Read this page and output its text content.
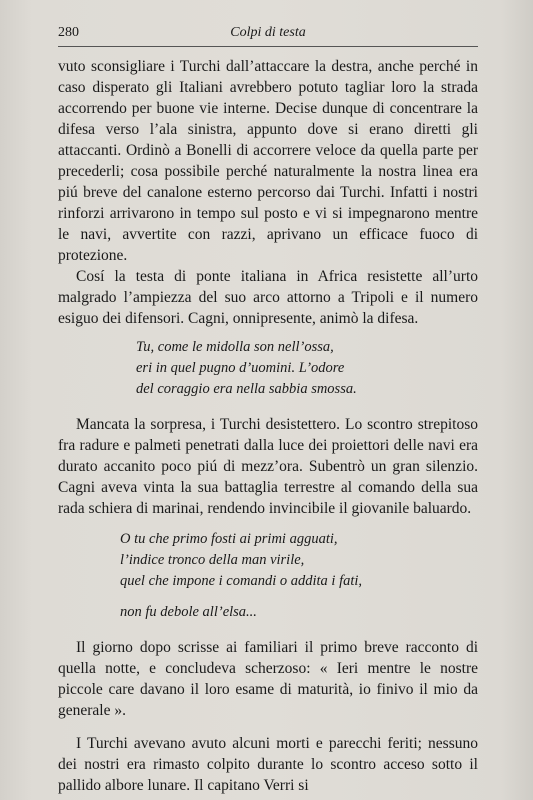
280	Colpi di testa

vuto sconsigliare i Turchi dall’attaccare la destra, anche perché in caso disperato gli Italiani avrebbero potuto tagliar loro la strada accorrendo per buone vie interne. Decise dunque di concentrare la difesa verso l’ala sinistra, appunto dove si erano diretti gli attaccanti. Ordinò a Bonelli di accorrere veloce da quella parte per precederli; cosa possibile perché naturalmente la nostra linea era piú breve del canalone esterno percorso dai Turchi. Infatti i nostri rinforzi arrivarono in tempo sul posto e vi si impegnarono mentre le navi, avvertite con razzi, aprivano un efficace fuoco di protezione.

Cosí la testa di ponte italiana in Africa resistette all’urto malgrado l’ampiezza del suo arco attorno a Tripoli e il numero esiguo dei difensori. Cagni, onnipresente, animò la difesa.

Tu, come le midolla son nell’ossa,
eri in quel pugno d’uomini. L’odore
del coraggio era nella sabbia smossa.

Mancata la sorpresa, i Turchi desistettero. Lo scontro strepitoso fra radure e palmeti penetrati dalla luce dei proiettori delle navi era durato accanito poco piú di mezz’ora. Subentrò un gran silenzio. Cagni aveva vinta la sua battaglia terrestre al comando della sua rada schiera di marinai, rendendo invincibile il giovanile baluardo.

O tu che primo fosti ai primi agguati,
l’indice tronco della man virile,
quel che impone i comandi o addita i fati,
non fu debole all’elsa...

Il giorno dopo scrisse ai familiari il primo breve racconto di quella notte, e concludeva scherzoso: « Ieri mentre le nostre piccole care davano il loro esame di maturità, io finivo il mio da generale ».

I Turchi avevano avuto alcuni morti e parecchi feriti; nessuno dei nostri era rimasto colpito durante lo scontro acceso sotto il pallido albore lunare. Il capitano Verri si
